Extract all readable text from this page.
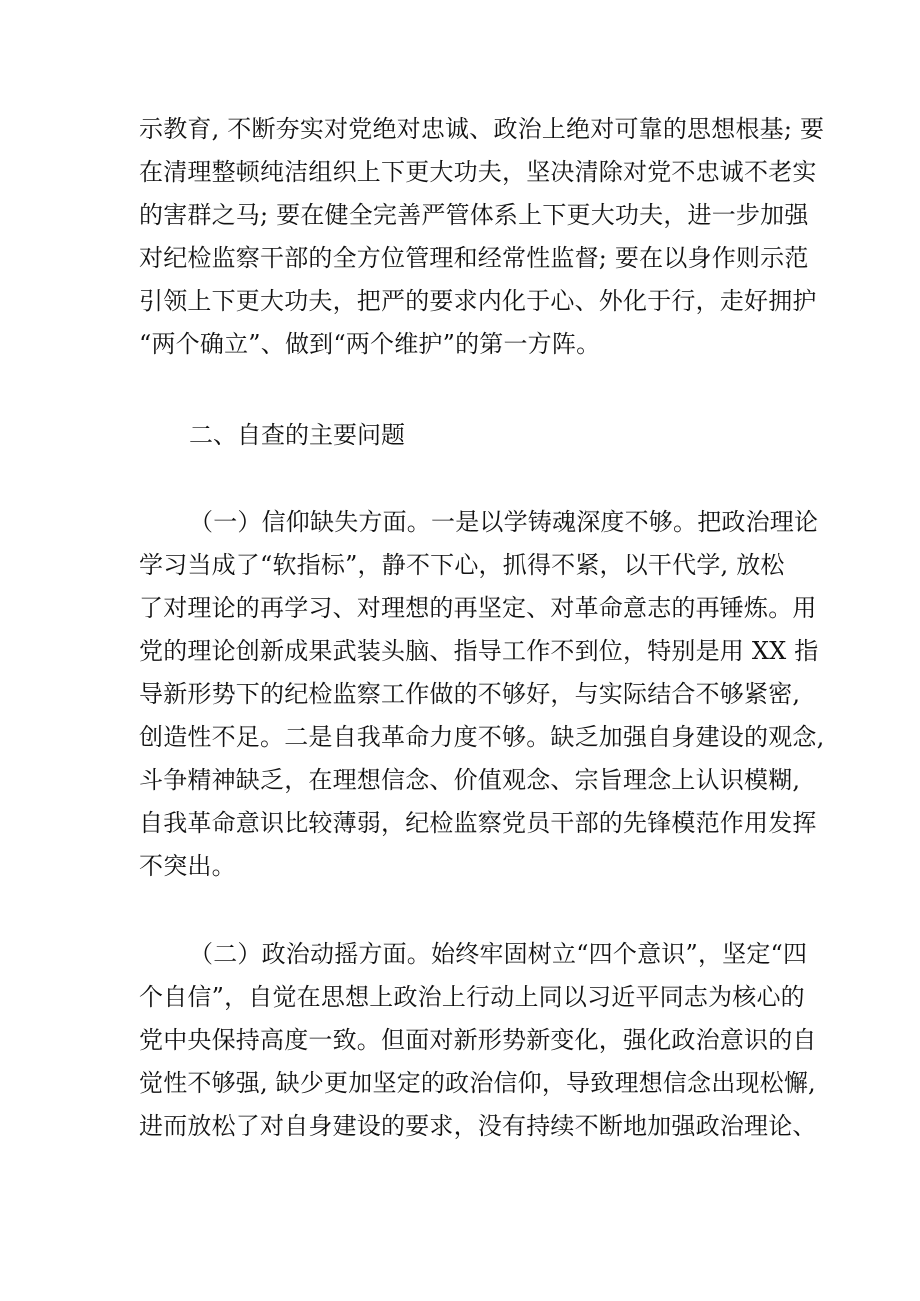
示教育, 不断夯实对党绝对忠诚、政治上绝对可靠的思想根基; 要
在清理整顿纯洁组织上下更大功夫，坚决清除对党不忠诚不老实
的害群之马; 要在健全完善严管体系上下更大功夫，进一步加强
对纪检监察干部的全方位管理和经常性监督; 要在以身作则示范
引领上下更大功夫，把严的要求内化于心、外化于行，走好拥护
“两个确立”、做到“两个维护”的第一方阵。
二、自查的主要问题
（一）信仰缺失方面。一是以学铸魂深度不够。把政治理论
学习当成了“软指标”，静不下心，抓得不紧，以干代学, 放松
了对理论的再学习、对理想的再坚定、对革命意志的再锤炼。用
党的理论创新成果武装头脑、指导工作不到位，特别是用 XX 指
导新形势下的纪检监察工作做的不够好，与实际结合不够紧密,
创造性不足。二是自我革命力度不够。缺乏加强自身建设的观念,
斗争精神缺乏，在理想信念、价值观念、宗旨理念上认识模糊,
自我革命意识比较薄弱，纪检监察党员干部的先锋模范作用发挥
不突出。
（二）政治动摇方面。始终牢固树立“四个意识”，坚定“四
个自信”，自觉在思想上政治上行动上同以习近平同志为核心的
党中央保持高度一致。但面对新形势新变化，强化政治意识的自
觉性不够强, 缺少更加坚定的政治信仰，导致理想信念出现松懈,
进而放松了对自身建设的要求，没有持续不断地加强政治理论、
